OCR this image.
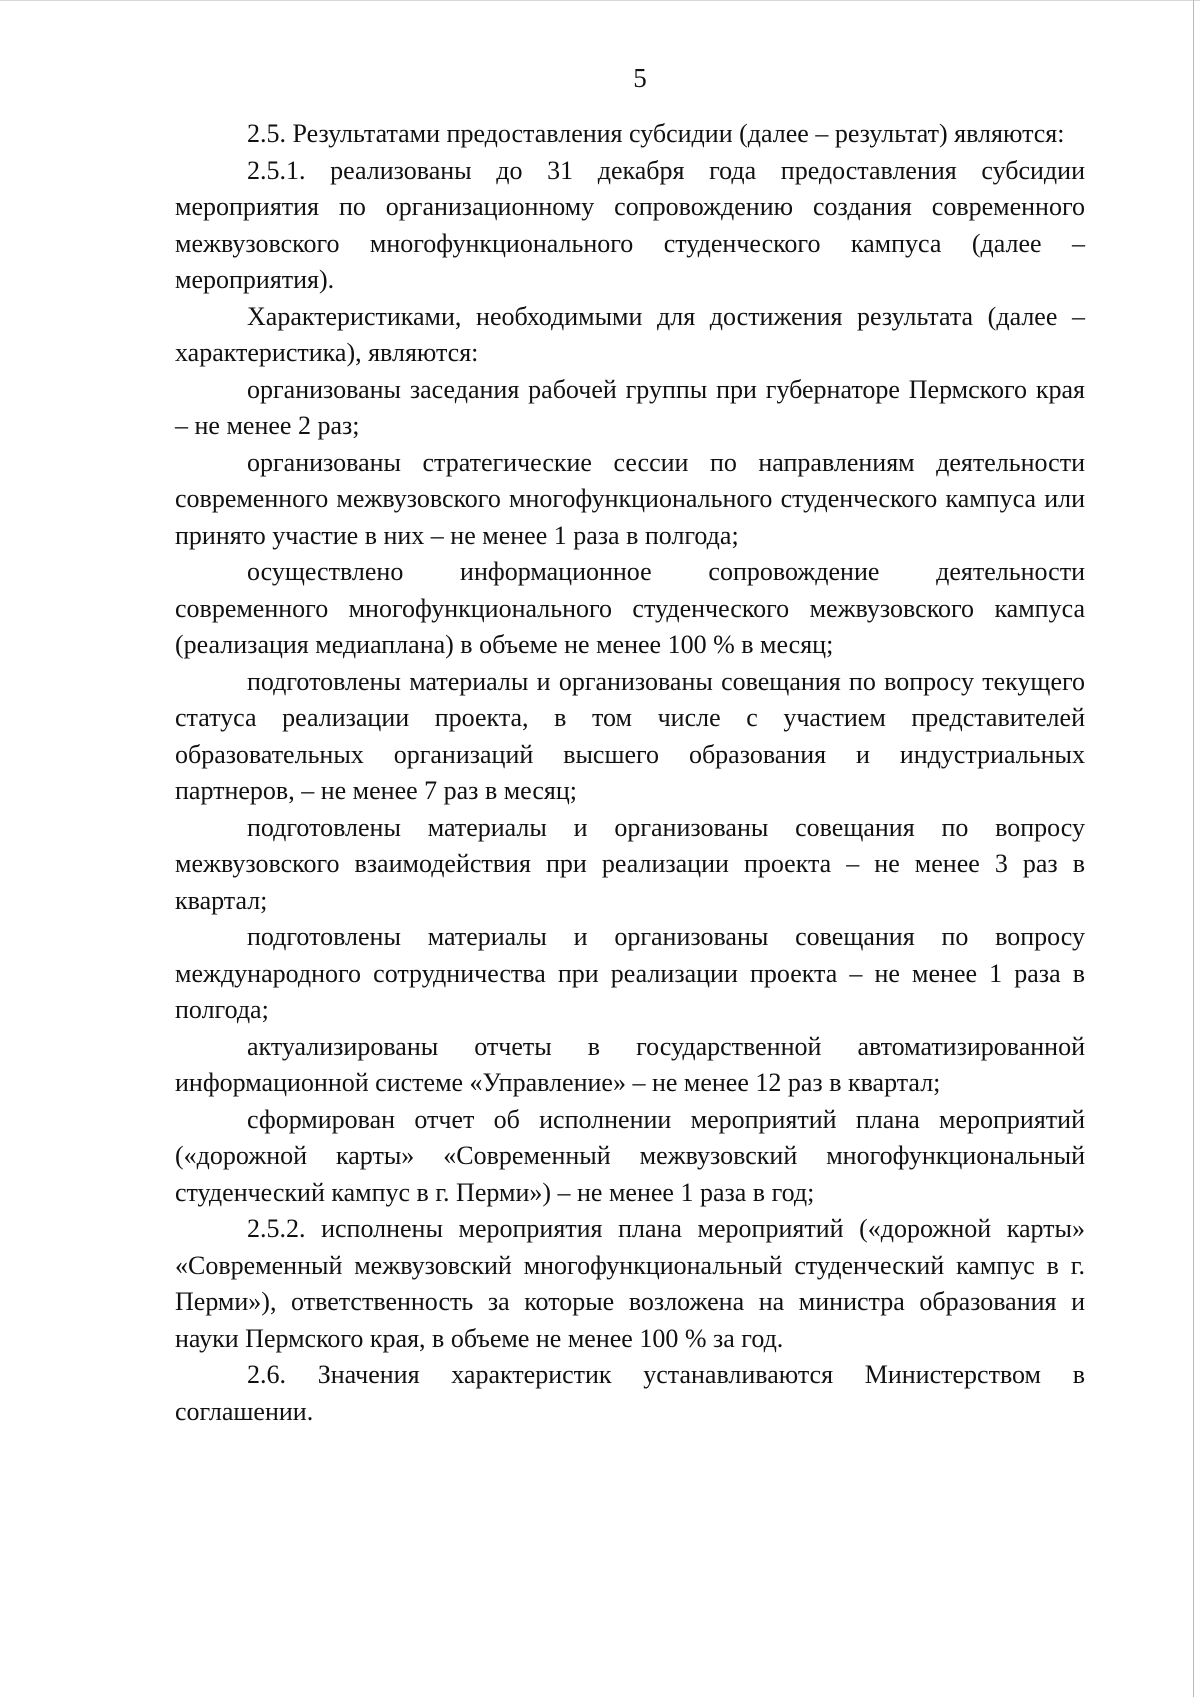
5

2.5. Результатами предоставления субсидии (далее – результат) являются:

2.5.1. реализованы до 31 декабря года предоставления субсидии мероприятия по организационному сопровождению создания современного межвузовского многофункционального студенческого кампуса (далее – мероприятия).

Характеристиками, необходимыми для достижения результата (далее – характеристика), являются:

организованы заседания рабочей группы при губернаторе Пермского края – не менее 2 раз;

организованы стратегические сессии по направлениям деятельности современного межвузовского многофункционального студенческого кампуса или принято участие в них – не менее 1 раза в полгода;

осуществлено информационное сопровождение деятельности современного многофункционального студенческого межвузовского кампуса (реализация медиаплана) в объеме не менее 100 % в месяц;

подготовлены материалы и организованы совещания по вопросу текущего статуса реализации проекта, в том числе с участием представителей образовательных организаций высшего образования и индустриальных партнеров, – не менее 7 раз в месяц;

подготовлены материалы и организованы совещания по вопросу межвузовского взаимодействия при реализации проекта – не менее 3 раз в квартал;

подготовлены материалы и организованы совещания по вопросу международного сотрудничества при реализации проекта – не менее 1 раза в полгода;

актуализированы отчеты в государственной автоматизированной информационной системе «Управление» – не менее 12 раз в квартал;

сформирован отчет об исполнении мероприятий плана мероприятий («дорожной карты» «Современный межвузовский многофункциональный студенческий кампус в г. Перми») – не менее 1 раза в год;

2.5.2. исполнены мероприятия плана мероприятий («дорожной карты» «Современный межвузовский многофункциональный студенческий кампус в г. Перми»), ответственность за которые возложена на министра образования и науки Пермского края, в объеме не менее 100 % за год.

2.6. Значения характеристик устанавливаются Министерством в соглашении.
